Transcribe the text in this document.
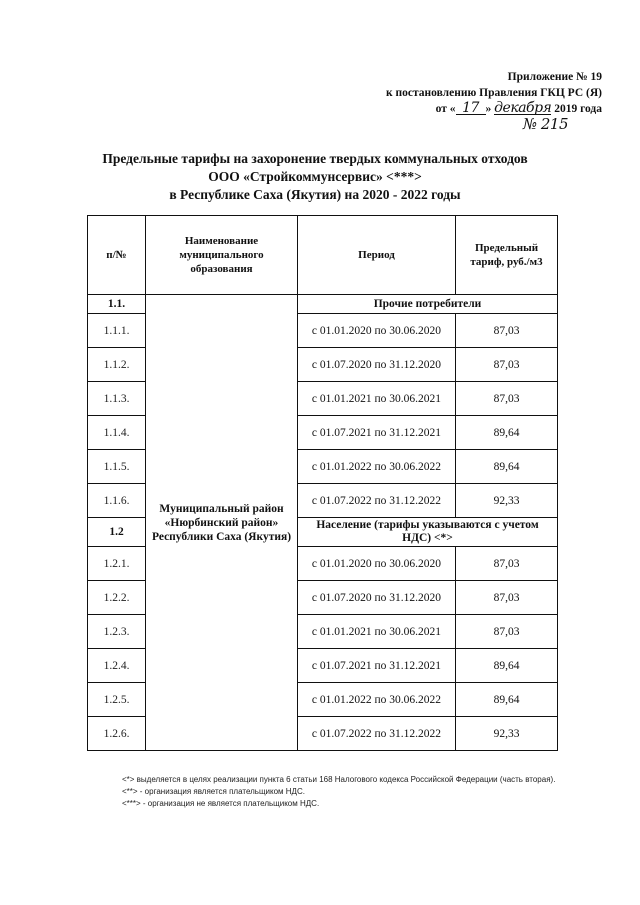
Приложение № 19
к постановлению Правления ГКЦ РС (Я)
от « 17 » декабря 2019 года
№ 215
Предельные тарифы на захоронение твердых коммунальных отходов
ООО «Стройкоммунсервис» <***>
в Республике Саха (Якутия) на 2020 - 2022 годы
п/№	Наименование муниципального образования	Период	Предельный тариф, руб./м3
1.1.	Муниципальный район «Нюрбинский район» Республики Саха (Якутия)	Прочие потребители	
1.1.1.		с 01.01.2020 по 30.06.2020	87,03
1.1.2.		с 01.07.2020 по 31.12.2020	87,03
1.1.3.		с 01.01.2021 по 30.06.2021	87,03
1.1.4.		с 01.07.2021 по 31.12.2021	89,64
1.1.5.		с 01.01.2022 по 30.06.2022	89,64
1.1.6.		с 01.07.2022 по 31.12.2022	92,33
1.2		Население (тарифы указываются с учетом НДС) <*>	
1.2.1.		с 01.01.2020 по 30.06.2020	87,03
1.2.2.		с 01.07.2020 по 31.12.2020	87,03
1.2.3.		с 01.01.2021 по 30.06.2021	87,03
1.2.4.		с 01.07.2021 по 31.12.2021	89,64
1.2.5.		с 01.01.2022 по 30.06.2022	89,64
1.2.6.		с 01.07.2022 по 31.12.2022	92,33
<*> выделяется в целях реализации пункта 6 статьи 168 Налогового кодекса Российской Федерации (часть вторая).
<**> - организация является плательщиком НДС.
<***> - организация не является плательщиком НДС.
